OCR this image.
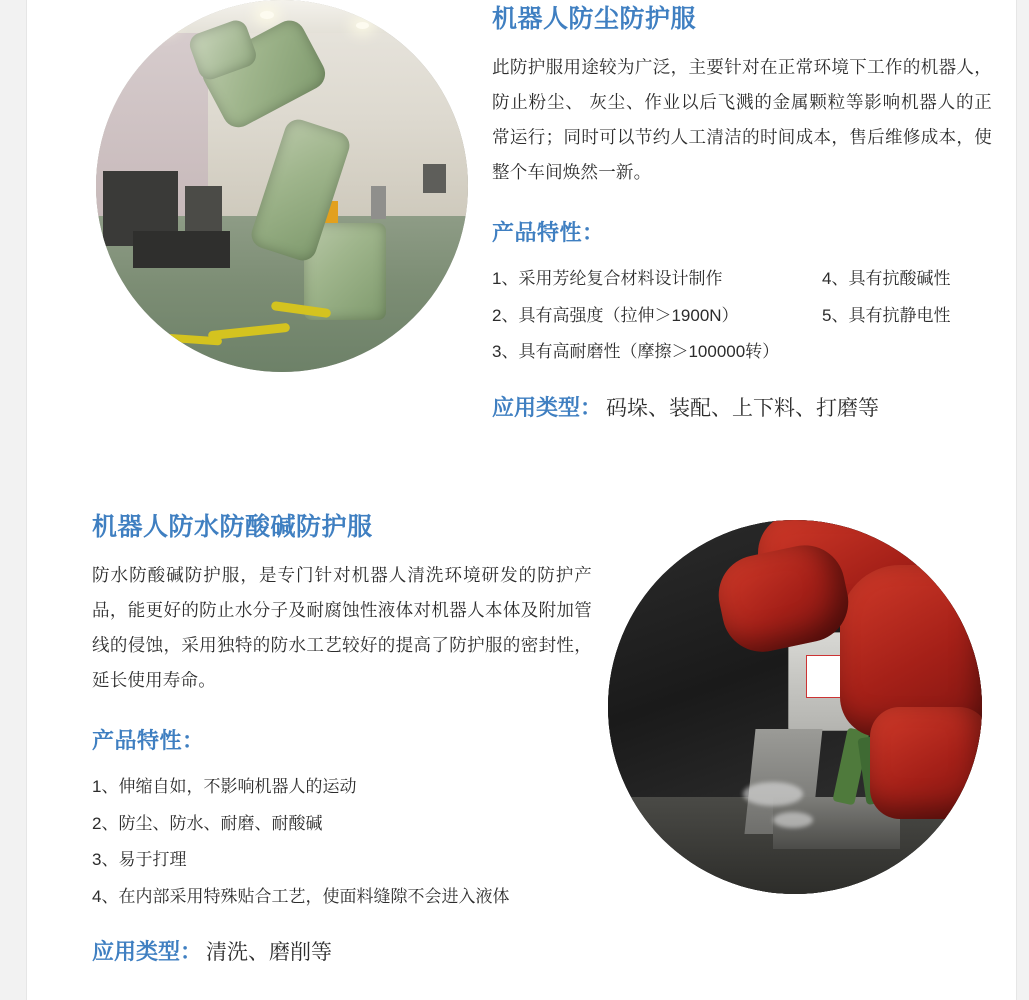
机器人防尘防护服

此防护服用途较为广泛，主要针对在正常环境下工作的机器人，防止粉尘、 灰尘、作业以后飞溅的金属颗粒等影响机器人的正常运行；同时可以节约人工清洁的时间成本，售后维修成本，使整个车间焕然一新。

产品特性：
1、采用芳纶复合材料设计制作
2、具有高强度（拉伸＞1900N）
3、具有高耐磨性（摩擦＞100000转）
4、具有抗酸碱性
5、具有抗静电性
应用类型： 码垛、装配、上下料、打磨等
机器人防水防酸碱防护服

防水防酸碱防护服，是专门针对机器人清洗环境研发的防护产品，能更好的防止水分子及耐腐蚀性液体对机器人本体及附加管线的侵蚀，采用独特的防水工艺较好的提高了防护服的密封性，延长使用寿命。

产品特性：
1、伸缩自如，不影响机器人的运动
2、防尘、防水、耐磨、耐酸碱
3、易于打理
4、在内部采用特殊贴合工艺，使面料缝隙不会进入液体
应用类型： 清洗、磨削等
